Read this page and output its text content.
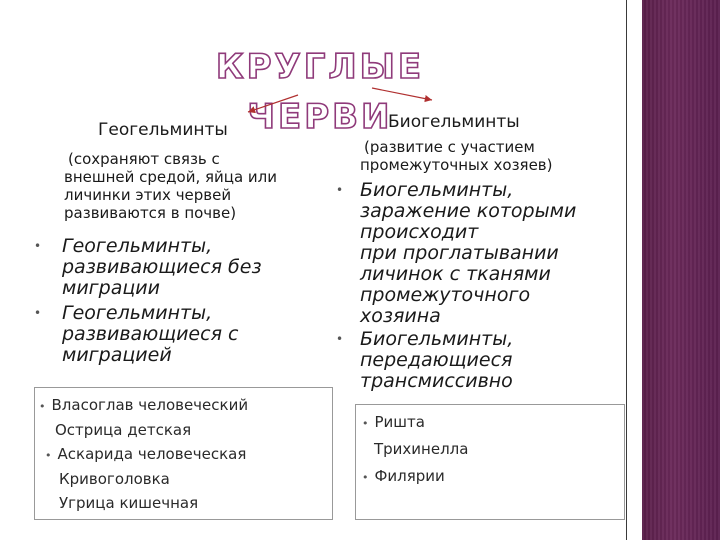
КРУГЛЫЕ ЧЕРВИ
Геогельминты
(сохраняют связь с
внешней средой, яйца или
личинки этих червей
развиваются в почве)
• Геогельминты,
развивающиеся без
миграции
• Геогельминты,
развивающиеся с
миграцией
• Власоглав человеческий
Острица детская
• Аскарида человеческая
Кривоголовка
Угрица кишечная
Биогельминты
(развитие с участием
промежуточных хозяев)
• Биогельминты,
заражение которыми
происходит
при проглатывании
личинок с тканями
промежуточного
хозяина
• Биогельминты,
передающиеся
трансмиссивно
• Ришта
Трихинелла
• Филярии
